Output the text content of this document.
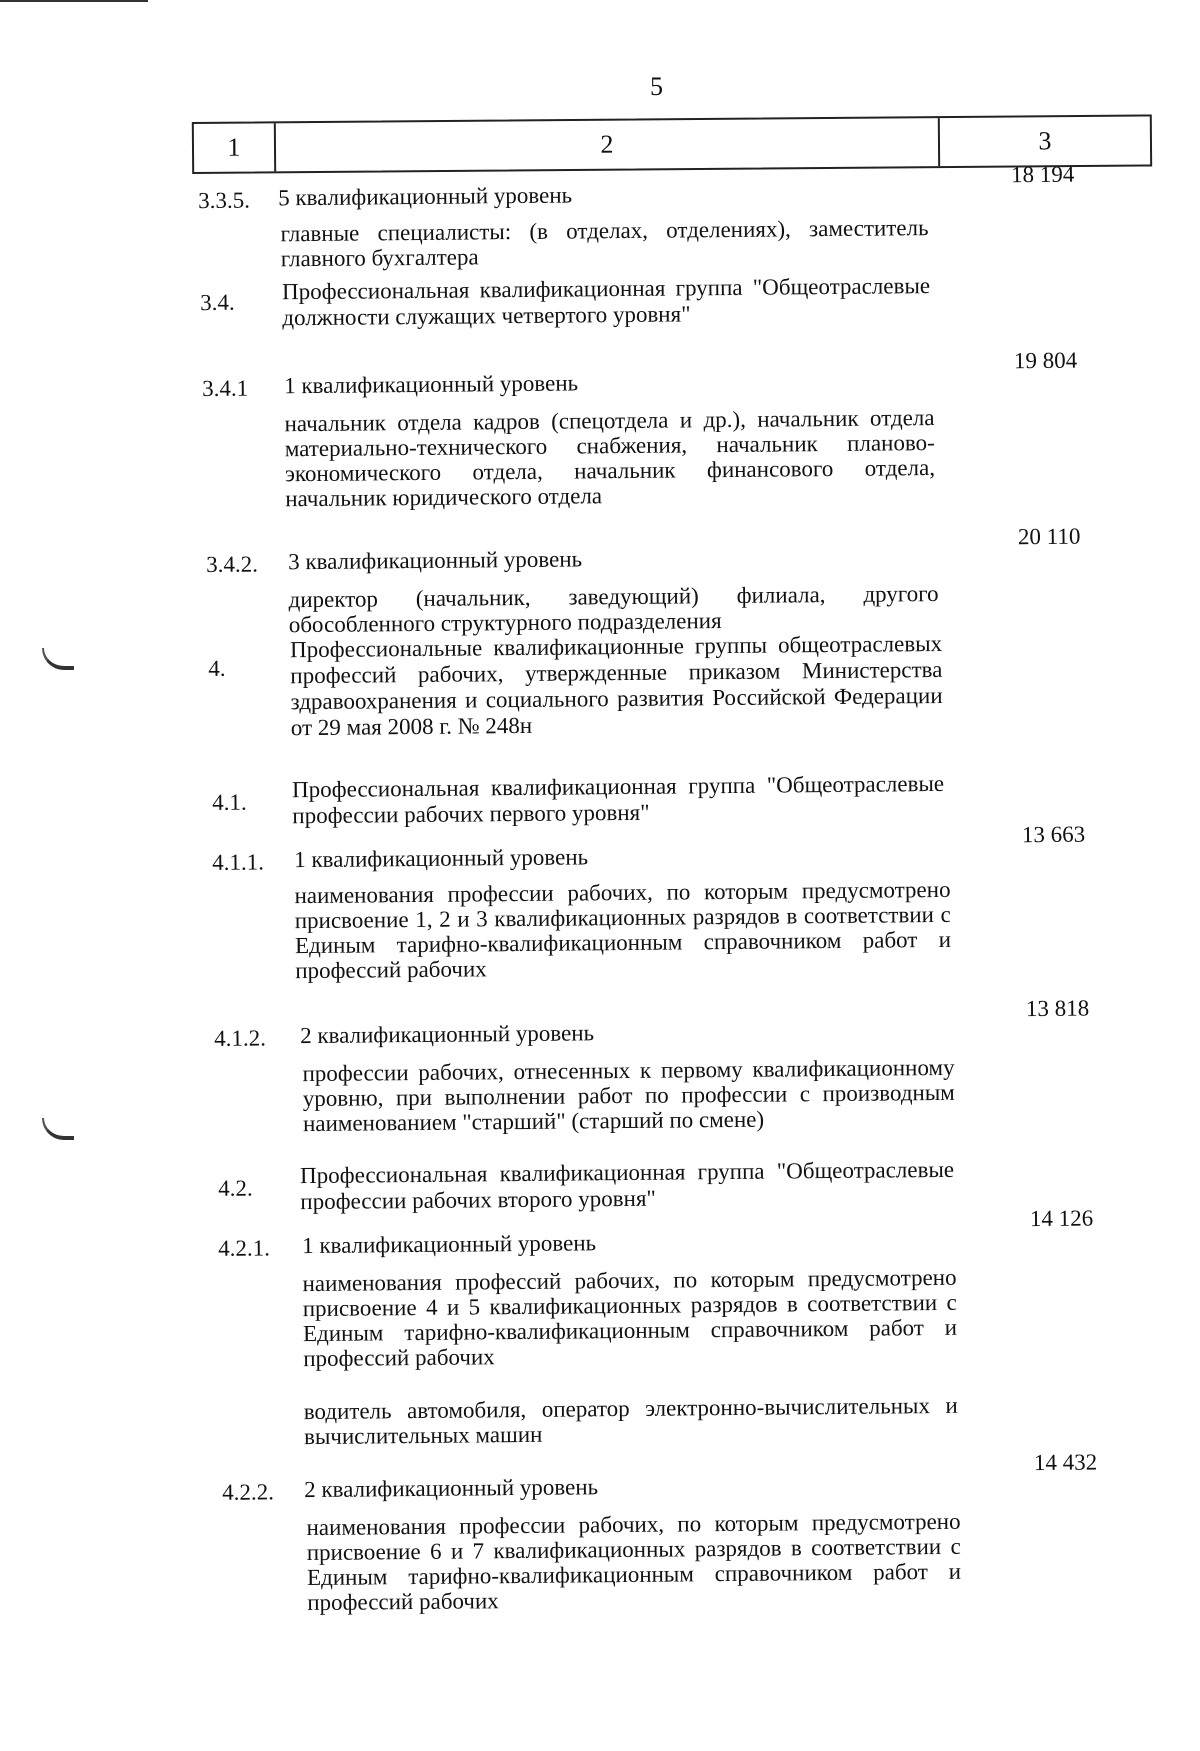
5
1	2	3
3.3.5. 5 квалификационный уровень
18 194
главные специалисты: (в отделах, отделениях), заместитель главного бухгалтера
3.4. Профессиональная квалификационная группа "Общеотраслевые должности служащих четвертого уровня"
3.4.1 1 квалификационный уровень
19 804
начальник отдела кадров (спецотдела и др.), начальник отдела материально-технического снабжения, начальник планово-экономического отдела, начальник финансового отдела, начальник юридического отдела
3.4.2. 3 квалификационный уровень
20 110
директор (начальник, заведующий) филиала, другого обособленного структурного подразделения
4.
Профессиональные квалификационные группы общеотраслевых профессий рабочих, утвержденные приказом Министерства здравоохранения и социального развития Российской Федерации от 29 мая 2008 г. № 248н
4.1.
Профессиональная квалификационная группа "Общеотраслевые профессии рабочих первого уровня"
4.1.1. 1 квалификационный уровень
13 663
наименования профессии рабочих, по которым предусмотрено присвоение 1, 2 и 3 квалификационных разрядов в соответствии с Единым тарифно-квалификационным справочником работ и профессий рабочих
4.1.2. 2 квалификационный уровень
13 818
профессии рабочих, отнесенных к первому квалификационному уровню, при выполнении работ по профессии с производным наименованием "старший" (старший по смене)
4.2.
Профессиональная квалификационная группа "Общеотраслевые профессии рабочих второго уровня"
4.2.1. 1 квалификационный уровень
14 126
наименования профессий рабочих, по которым предусмотрено присвоение 4 и 5 квалификационных разрядов в соответствии с Единым тарифно-квалификационным справочником работ и профессий рабочих
водитель автомобиля, оператор электронно-вычислительных и вычислительных машин
4.2.2. 2 квалификационный уровень
14 432
наименования профессии рабочих, по которым предусмотрено присвоение 6 и 7 квалификационных разрядов в соответствии с Единым тарифно-квалификационным справочником работ и профессий рабочих
